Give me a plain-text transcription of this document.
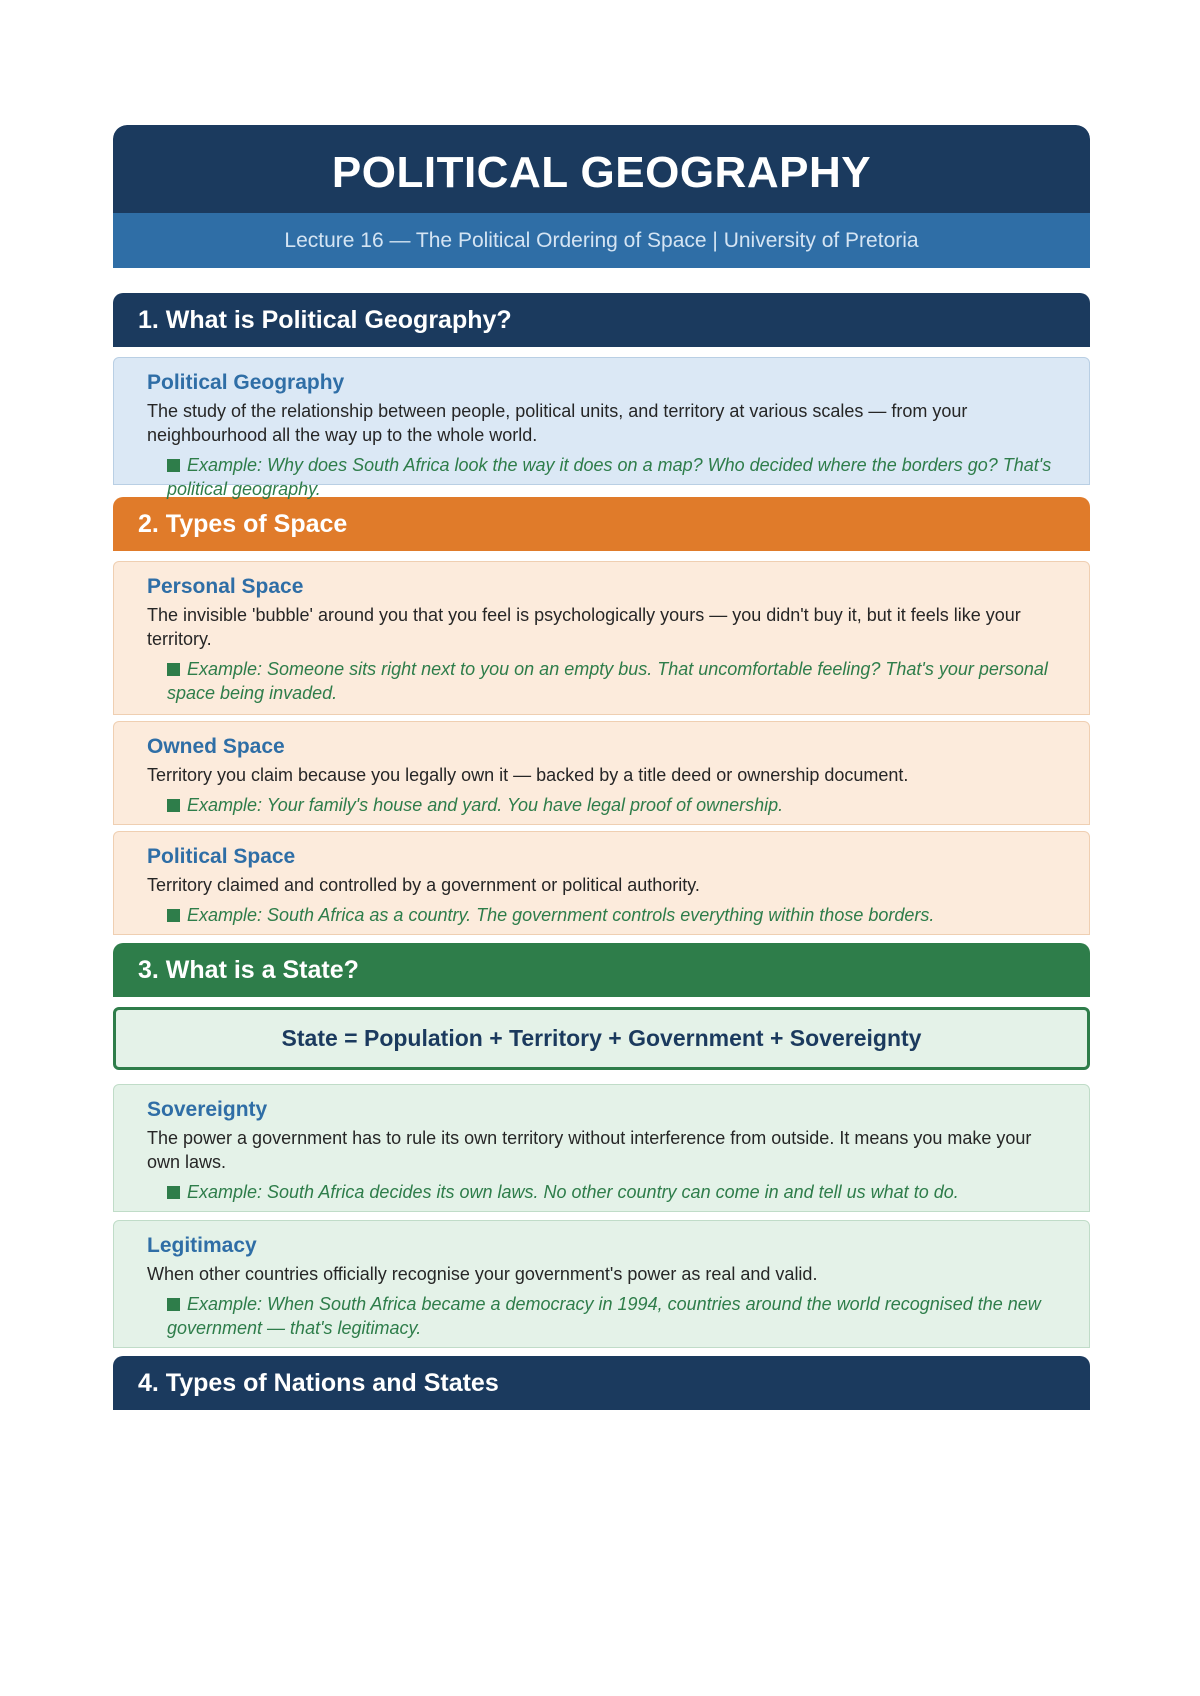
POLITICAL GEOGRAPHY
Lecture 16 — The Political Ordering of Space | University of Pretoria
1. What is Political Geography?
Political Geography
The study of the relationship between people, political units, and territory at various scales — from your neighbourhood all the way up to the whole world.
Example: Why does South Africa look the way it does on a map? Who decided where the borders go? That's political geography.
2. Types of Space
Personal Space
The invisible 'bubble' around you that you feel is psychologically yours — you didn't buy it, but it feels like your territory.
Example: Someone sits right next to you on an empty bus. That uncomfortable feeling? That's your personal space being invaded.
Owned Space
Territory you claim because you legally own it — backed by a title deed or ownership document.
Example: Your family's house and yard. You have legal proof of ownership.
Political Space
Territory claimed and controlled by a government or political authority.
Example: South Africa as a country. The government controls everything within those borders.
3. What is a State?
State = Population + Territory + Government + Sovereignty
Sovereignty
The power a government has to rule its own territory without interference from outside. It means you make your own laws.
Example: South Africa decides its own laws. No other country can come in and tell us what to do.
Legitimacy
When other countries officially recognise your government's power as real and valid.
Example: When South Africa became a democracy in 1994, countries around the world recognised the new government — that's legitimacy.
4. Types of Nations and States
